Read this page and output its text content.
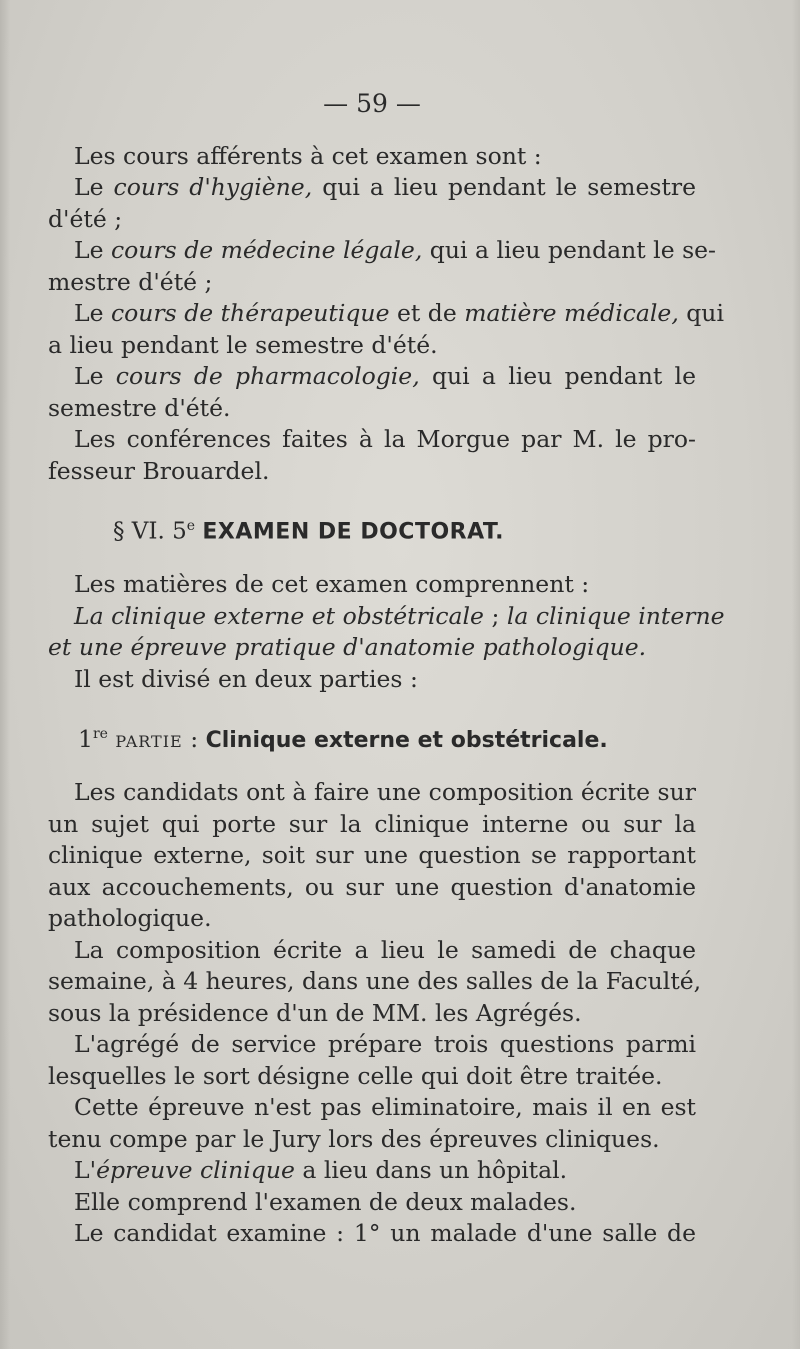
— 59 —
Les cours afférents à cet examen sont :
Le cours d'hygiène, qui a lieu pendant le semestre
d'été ;
Le cours de médecine légale, qui a lieu pendant le se-
mestre d'été ;
Le cours de thérapeutique et de matière médicale, qui
a lieu pendant le semestre d'été.
Le cours de pharmacologie, qui a lieu pendant le
semestre d'été.
Les conférences faites à la Morgue par M. le pro-
fesseur Brouardel.
§ VI. 5e EXAMEN DE DOCTORAT.
Les matières de cet examen comprennent :
La clinique externe et obstétricale ; la clinique interne
et une épreuve pratique d'anatomie pathologique.
Il est divisé en deux parties :
1re PARTIE : Clinique externe et obstétricale.
Les candidats ont à faire une composition écrite sur
un sujet qui porte sur la clinique interne ou sur la
clinique externe, soit sur une question se rapportant
aux accouchements, ou sur une question d'anatomie
pathologique.
La composition écrite a lieu le samedi de chaque
semaine, à 4 heures, dans une des salles de la Faculté,
sous la présidence d'un de MM. les Agrégés.
L'agrégé de service prépare trois questions parmi
lesquelles le sort désigne celle qui doit être traitée.
Cette épreuve n'est pas eliminatoire, mais il en est
tenu compe par le Jury lors des épreuves cliniques.
L'épreuve clinique a lieu dans un hôpital.
Elle comprend l'examen de deux malades.
Le candidat examine : 1° un malade d'une salle de
